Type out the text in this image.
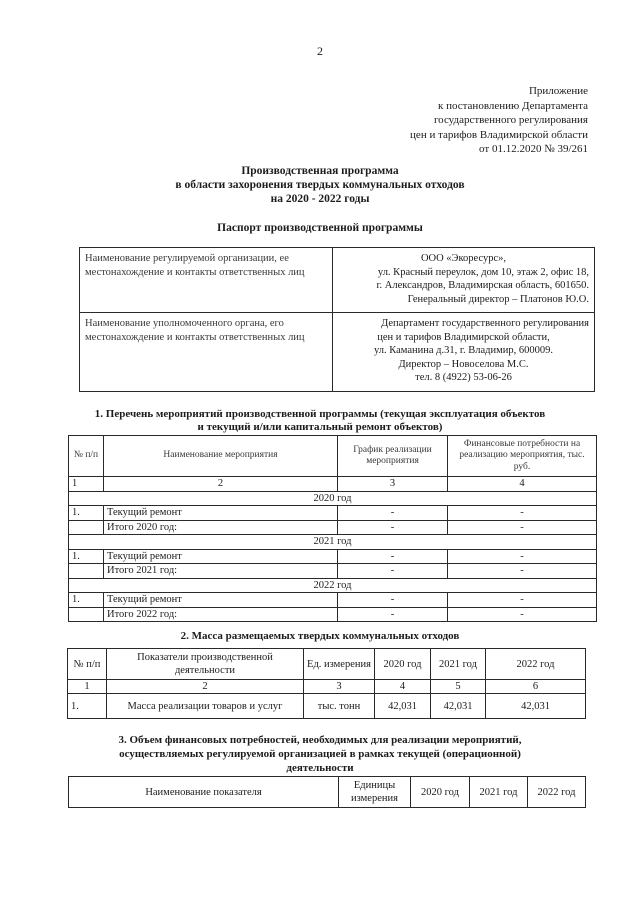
2
Приложение
к постановлению Департамента
государственного регулирования
цен и тарифов Владимирской области
от 01.12.2020 № 39/261
Производственная программа
в области захоронения твердых коммунальных отходов
на 2020 - 2022 годы
Паспорт производственной программы
Наименование регулируемой организации, ее местонахождение и контакты ответственных лиц	ООО «Экоресурс»,
ул. Красный переулок, дом 10, этаж 2, офис 18,
г. Александров, Владимирская область, 601650.
Генеральный директор – Платонов Ю.О.

Наименование уполномоченного органа, его местонахождение и контакты ответственных лиц	Департамент государственного регулирования
цен и тарифов Владимирской области,
ул. Каманина д.31, г. Владимир, 600009.
Директор – Новоселова М.С.
тел. 8 (4922) 53-06-26
1. Перечень мероприятий производственной программы (текущая эксплуатация объектов
и текущий и/или капитальный ремонт объектов)
№ п/п	Наименование мероприятия	График реализации мероприятия	Финансовые потребности на реализацию мероприятия, тыс. руб.
1	2	3	4
2020 год			
1.	Текущий ремонт	-	-
	Итого 2020 год:	-	-
2021 год			
1.	Текущий ремонт	-	-
	Итого 2021 год:	-	-
2022 год			
1.	Текущий ремонт	-	-
	Итого 2022 год:	-	-
2. Масса размещаемых твердых коммунальных отходов
№ п/п	Показатели производственной деятельности	Ед. измерения	2020 год	2021 год	2022 год
1	2	3	4	5	6
1.	Масса реализации товаров и услуг	тыс. тонн	42,031	42,031	42,031
3. Объем финансовых потребностей, необходимых для реализации мероприятий,
осуществляемых регулируемой организацией в рамках текущей (операционной)
деятельности
Наименование показателя	Единицы измерения	2020 год	2021 год	2022 год
